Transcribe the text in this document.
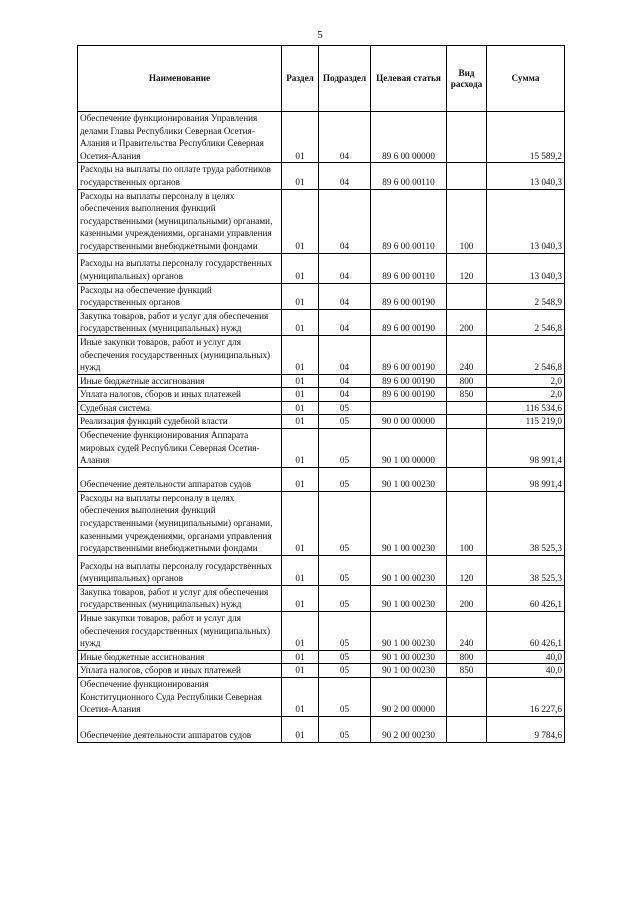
5
Наименование	Раздел	Подраздел	Целевая статья	Вид расхода	Сумма
Обеспечение функционирования Управления делами Главы Республики Северная Осетия-Алания и Правительства Республики Северная Осетия-Алания	01	04	89 6 00 00000		15 589,2
Расходы на выплаты по оплате труда работников государственных органов	01	04	89 6 00 00110		13 040,3
Расходы на выплаты персоналу в целях обеспечения выполнения функций государственными (муниципальными) органами, казенными учреждениями, органами управления государственными внебюджетными фондами	01	04	89 6 00 00110	100	13 040,3
Расходы на выплаты персоналу государственных (муниципальных) органов	01	04	89 6 00 00110	120	13 040,3
Расходы на обеспечение функций государственных органов	01	04	89 6 00 00190		2 548,9
Закупка товаров, работ и услуг для обеспечения государственных (муниципальных) нужд	01	04	89 6 00 00190	200	2 546,8
Иные закупки товаров, работ и услуг для обеспечения государственных (муниципальных) нужд	01	04	89 6 00 00190	240	2 546,8
Иные бюджетные ассигнования	01	04	89 6 00 00190	800	2,0
Уплата налогов, сборов и иных платежей	01	04	89 6 00 00190	850	2,0
Судебная система	01	05			116 534,6
Реализация функций судебной власти	01	05	90 0 00 00000		115 219,0
Обеспечение функционирования Аппарата мировых судей Республики Северная Осетия-Алания	01	05	90 1 00 00000		98 991,4
Обеспечение деятельности аппаратов судов	01	05	90 1 00 00230		98 991,4
Расходы на выплаты персоналу в целях обеспечения выполнения функций государственными (муниципальными) органами, казенными учреждениями, органами управления государственными внебюджетными фондами	01	05	90 1 00 00230	100	38 525,3
Расходы на выплаты персоналу государственных (муниципальных) органов	01	05	90 1 00 00230	120	38 525,3
Закупка товаров, работ и услуг для обеспечения государственных (муниципальных) нужд	01	05	90 1 00 00230	200	60 426,1
Иные закупки товаров, работ и услуг для обеспечения государственных (муниципальных) нужд	01	05	90 1 00 00230	240	60 426,1
Иные бюджетные ассигнования	01	05	90 1 00 00230	800	40,0
Уплата налогов, сборов и иных платежей	01	05	90 1 00 00230	850	40,0
Обеспечение функционирования Конституционного Суда Республики Северная Осетия-Алания	01	05	90 2 00 00000		16 227,6
Обеспечение деятельности аппаратов судов	01	05	90 2 00 00230		9 784,6
